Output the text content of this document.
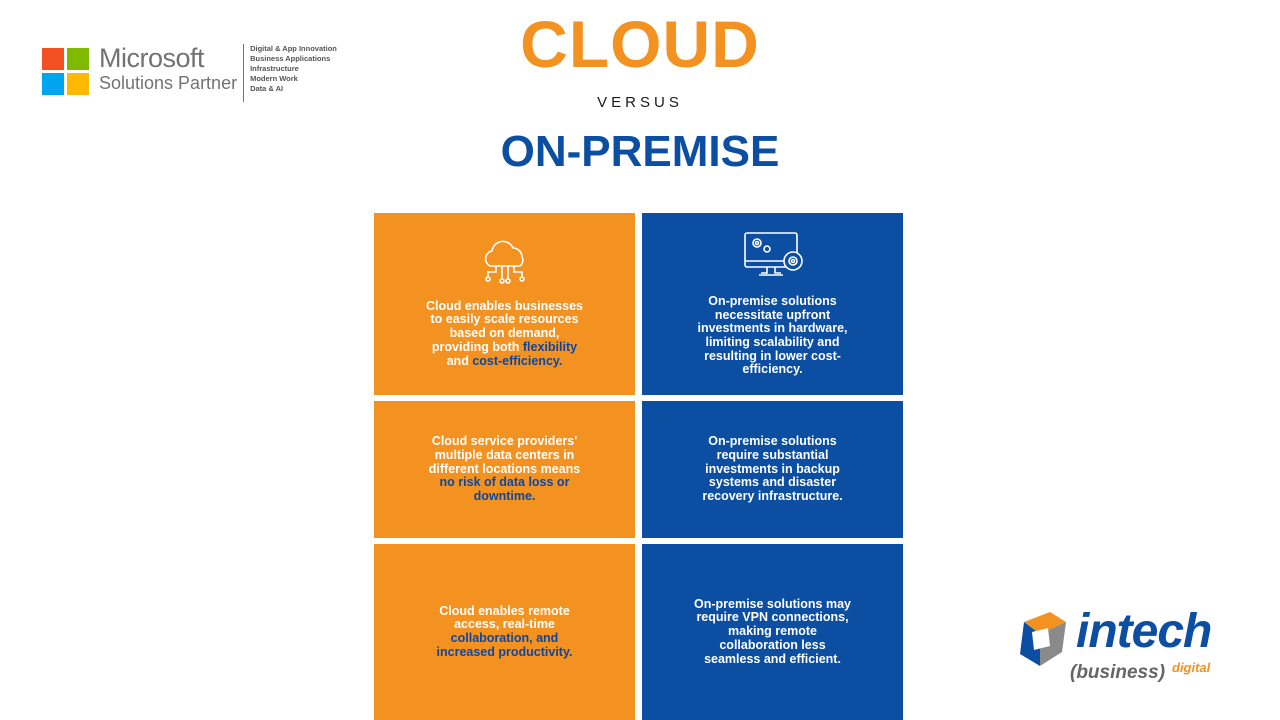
Microsoft
Solutions Partner
Digital & App Innovation
Business Applications
Infrastructure
Modern Work
Data & AI
CLOUD
VERSUS
ON-PREMISE

Cloud enables businesses to easily scale resources based on demand, providing both flexibility and cost-efficiency.

On-premise solutions necessitate upfront investments in hardware, limiting scalability and resulting in lower cost-efficiency.

Cloud service providers' multiple data centers in different locations means no risk of data loss or downtime.

On-premise solutions require substantial investments in backup systems and disaster recovery infrastructure.

Cloud enables remote access, real-time collaboration, and increased productivity.

On-premise solutions may require VPN connections, making remote collaboration less seamless and efficient.

intech
(business) digital
